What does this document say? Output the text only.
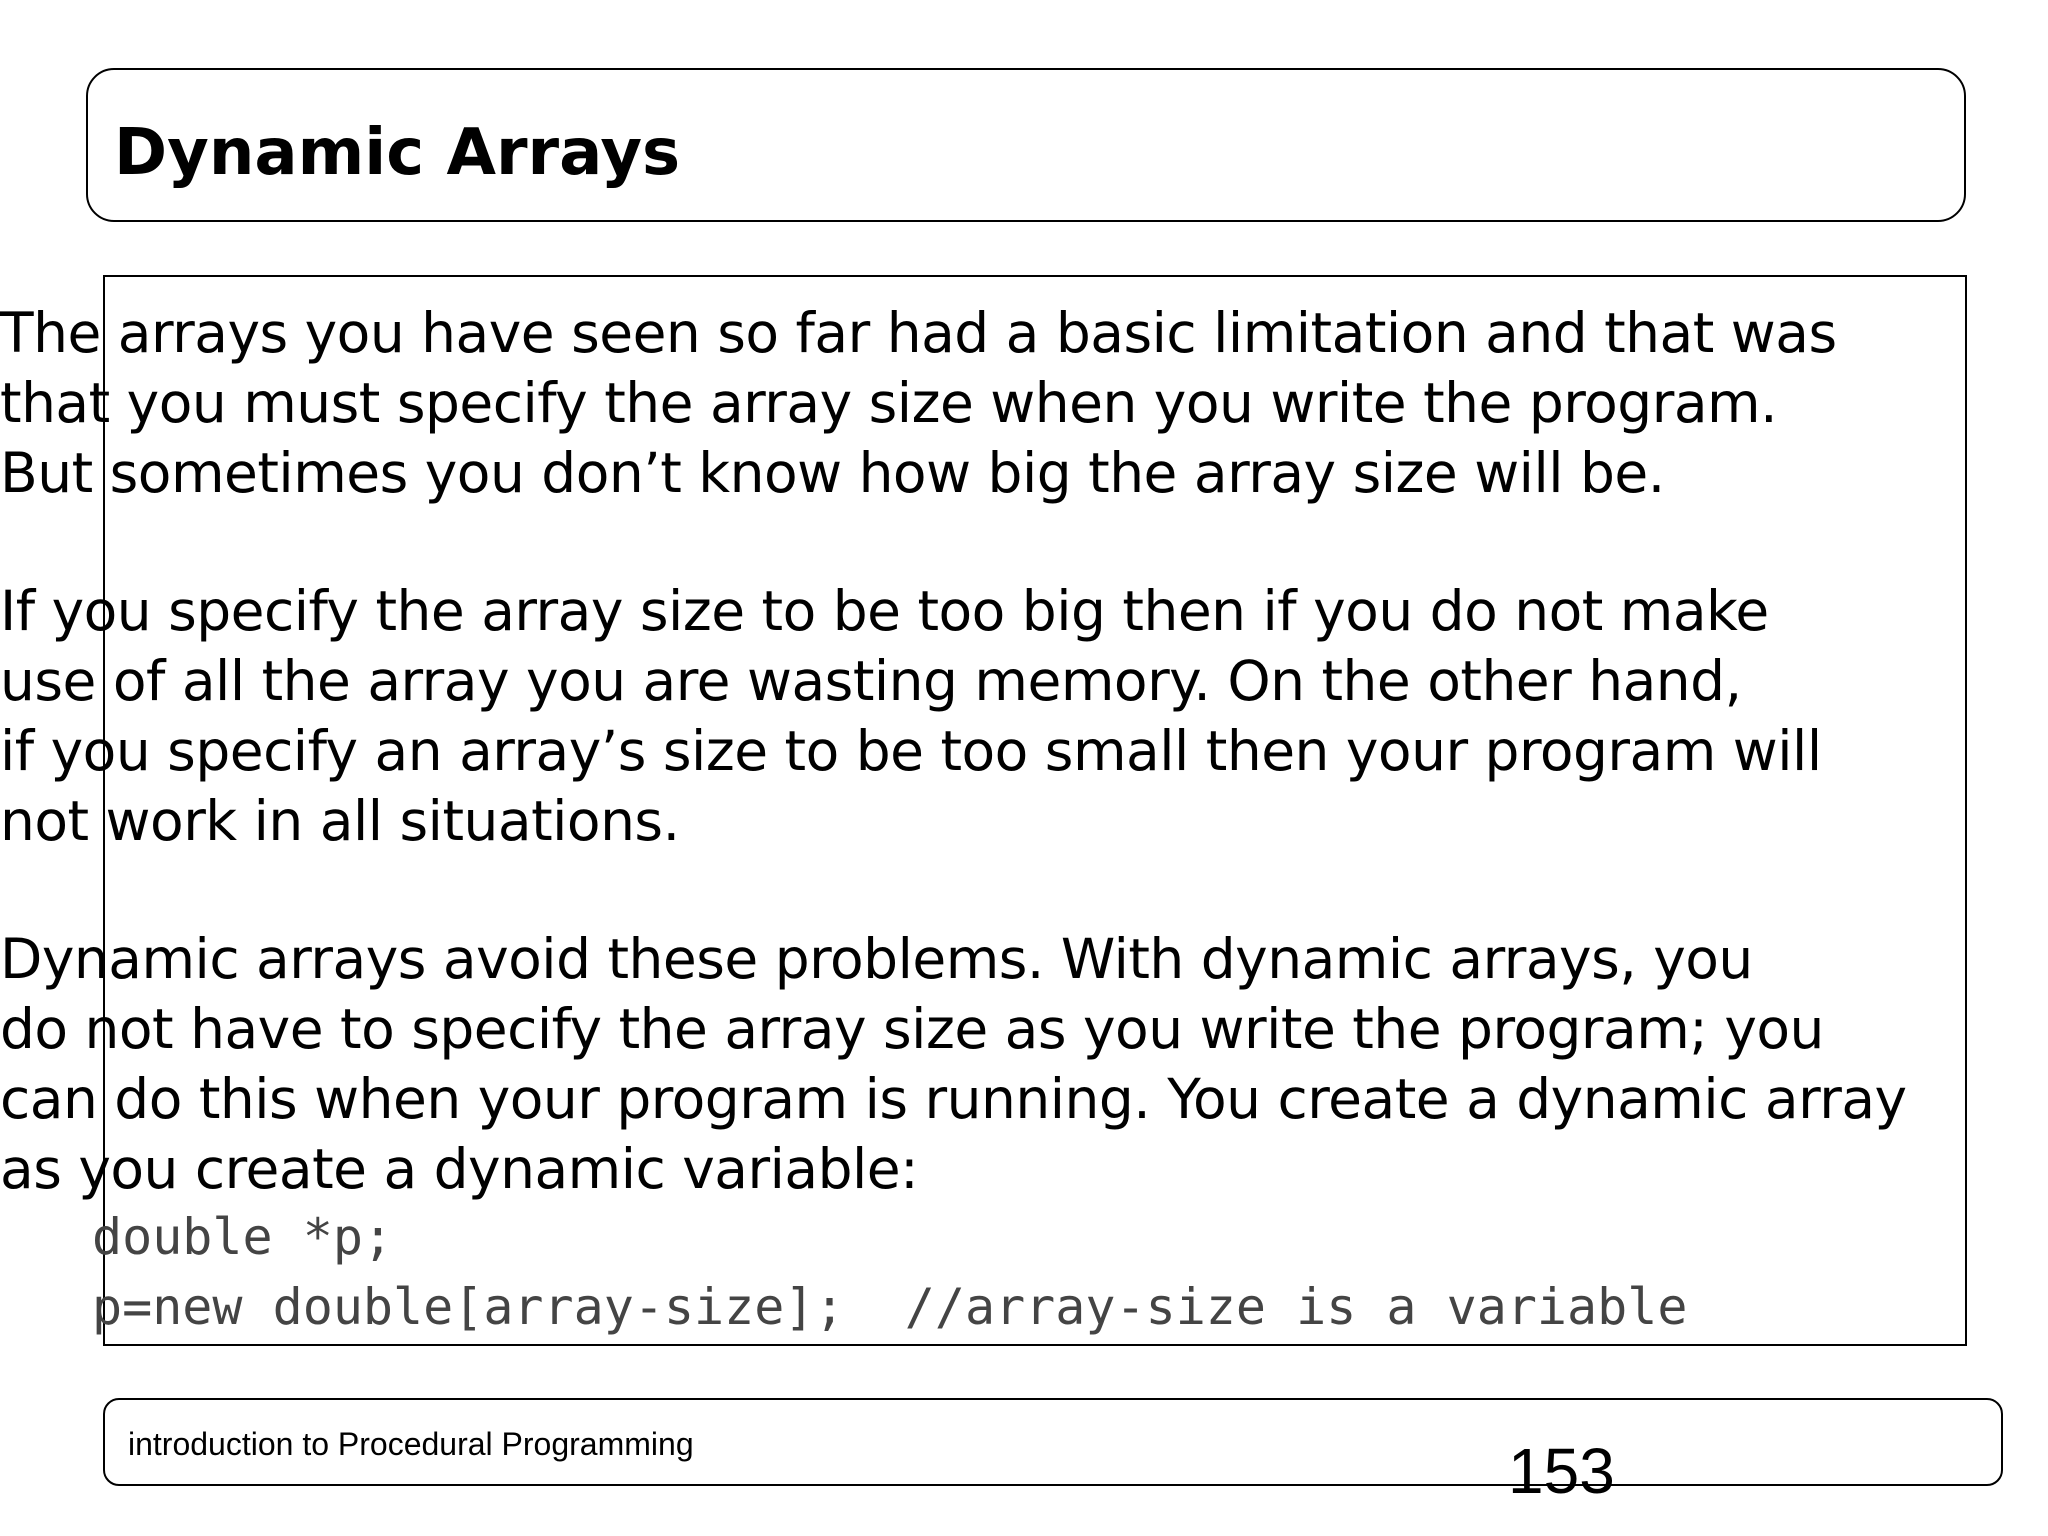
Dynamic Arrays
The arrays you have seen so far had a basic limitation and that was
that you must specify the array size when you write the program.
But sometimes you don’t know how big the array size will be.
If you specify the array size to be too big then if you do not make
use of all the array you are wasting memory. On the other hand,
if you specify an array’s size to be too small then your program will
not work in all situations.
Dynamic arrays avoid these problems. With dynamic arrays, you
do not have to specify the array size as you write the program; you
can do this when your program is running. You create a dynamic array
as you create a dynamic variable:
double *p;
p=new double[array-size];  //array-size is a variable
introduction to Procedural Programming	153
